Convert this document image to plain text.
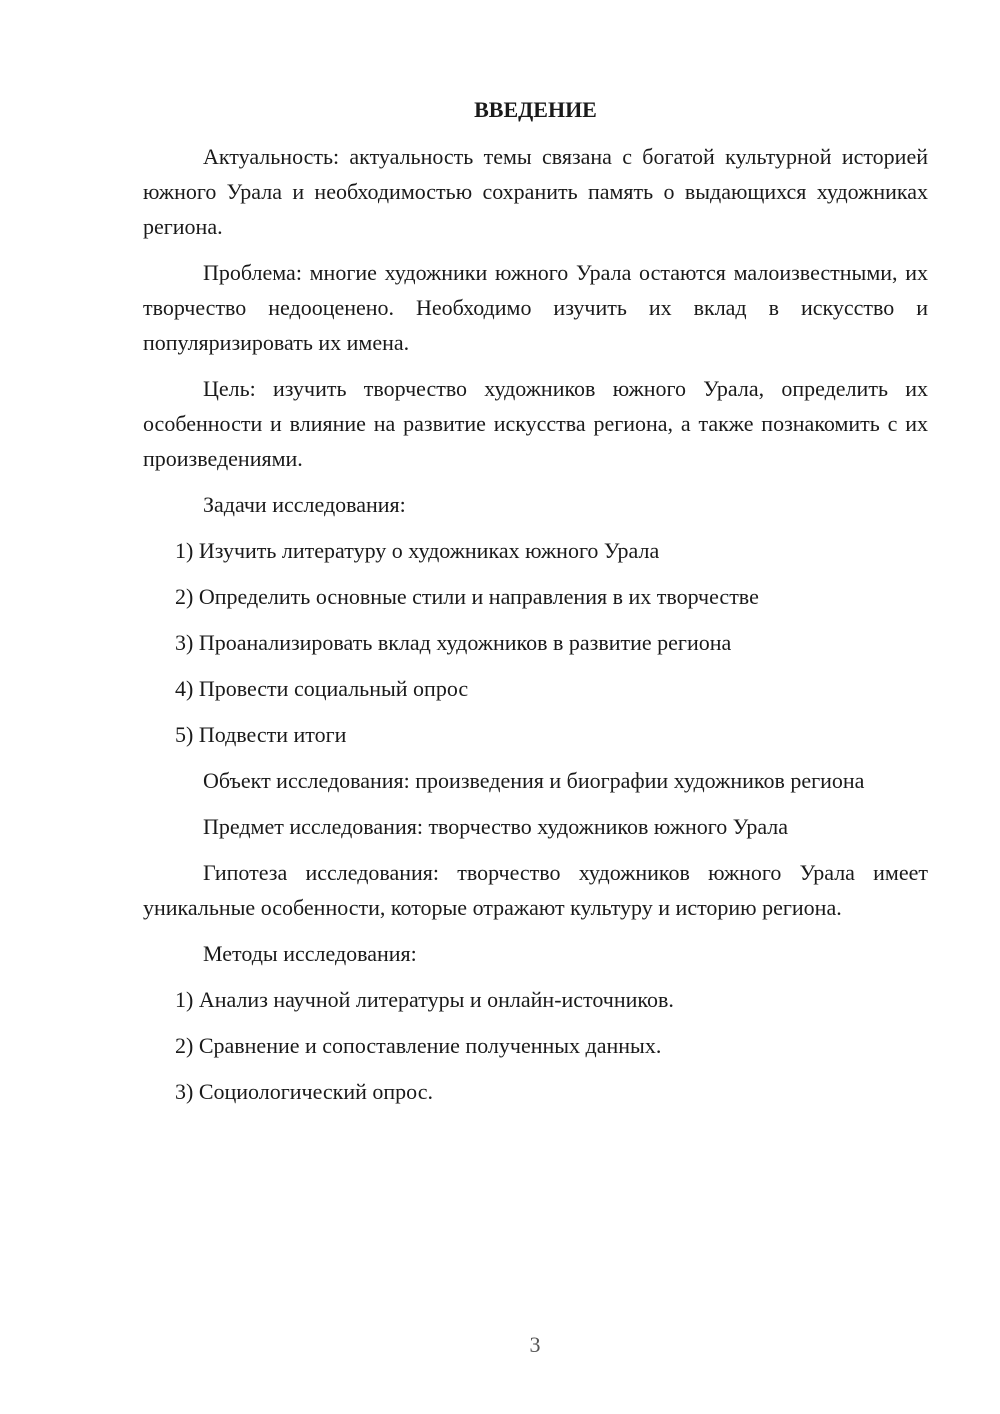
ВВЕДЕНИЕ

Актуальность: актуальность темы связана с богатой культурной историей южного Урала и необходимостью сохранить память о выдающихся художниках региона.

Проблема: многие художники южного Урала остаются малоизвестными, их творчество недооценено. Необходимо изучить их вклад в искусство и популяризировать их имена.

Цель: изучить творчество художников южного Урала, определить их особенности и влияние на развитие искусства региона, а также познакомить с их произведениями.

Задачи исследования:

1) Изучить литературу о художниках южного Урала

2) Определить основные стили и направления в их творчестве

3) Проанализировать вклад художников в развитие региона

4) Провести социальный опрос

5) Подвести итоги

Объект исследования: произведения и биографии художников региона

Предмет исследования: творчество художников южного Урала

Гипотеза исследования: творчество художников южного Урала имеет уникальные особенности, которые отражают культуру и историю региона.

Методы исследования:

1) Анализ научной литературы и онлайн-источников.

2) Сравнение и сопоставление полученных данных.

3) Социологический опрос.

3
